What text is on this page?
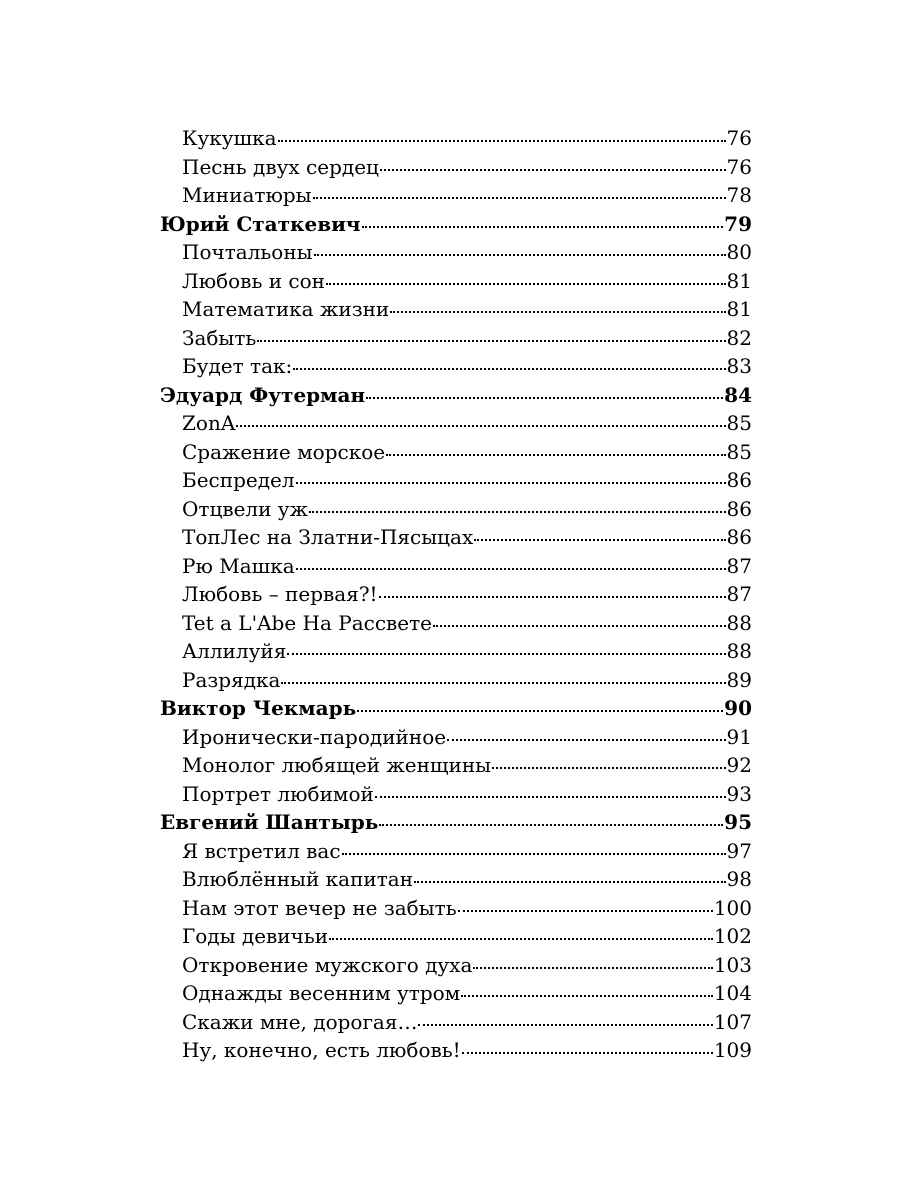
Кукушка	76
Песнь двух сердец	76
Миниатюры	78
Юрий Статкевич	79
Почтальоны	80
Любовь и сон	81
Математика жизни	81
Забыть	82
Будет так:	83
Эдуард Футерман	84
ZonA	85
Сражение морское	85
Беспредел	86
Отцвели уж	86
ТопЛес на Златни-Пясыцах	86
Рю Машка	87
Любовь – первая?!	87
Tet a L'Abe На Рассвете	88
Аллилуйя	88
Разрядка	89
Виктор Чекмарь	90
Иронически-пародийное	91
Монолог любящей женщины	92
Портрет любимой	93
Евгений Шантырь	95
Я встретил вас	97
Влюблённый капитан	98
Нам этот вечер не забыть	100
Годы девичьи	102
Откровение мужского духа	103
Однажды весенним утром	104
Скажи мне, дорогая…	107
Ну, конечно, есть любовь!	109
